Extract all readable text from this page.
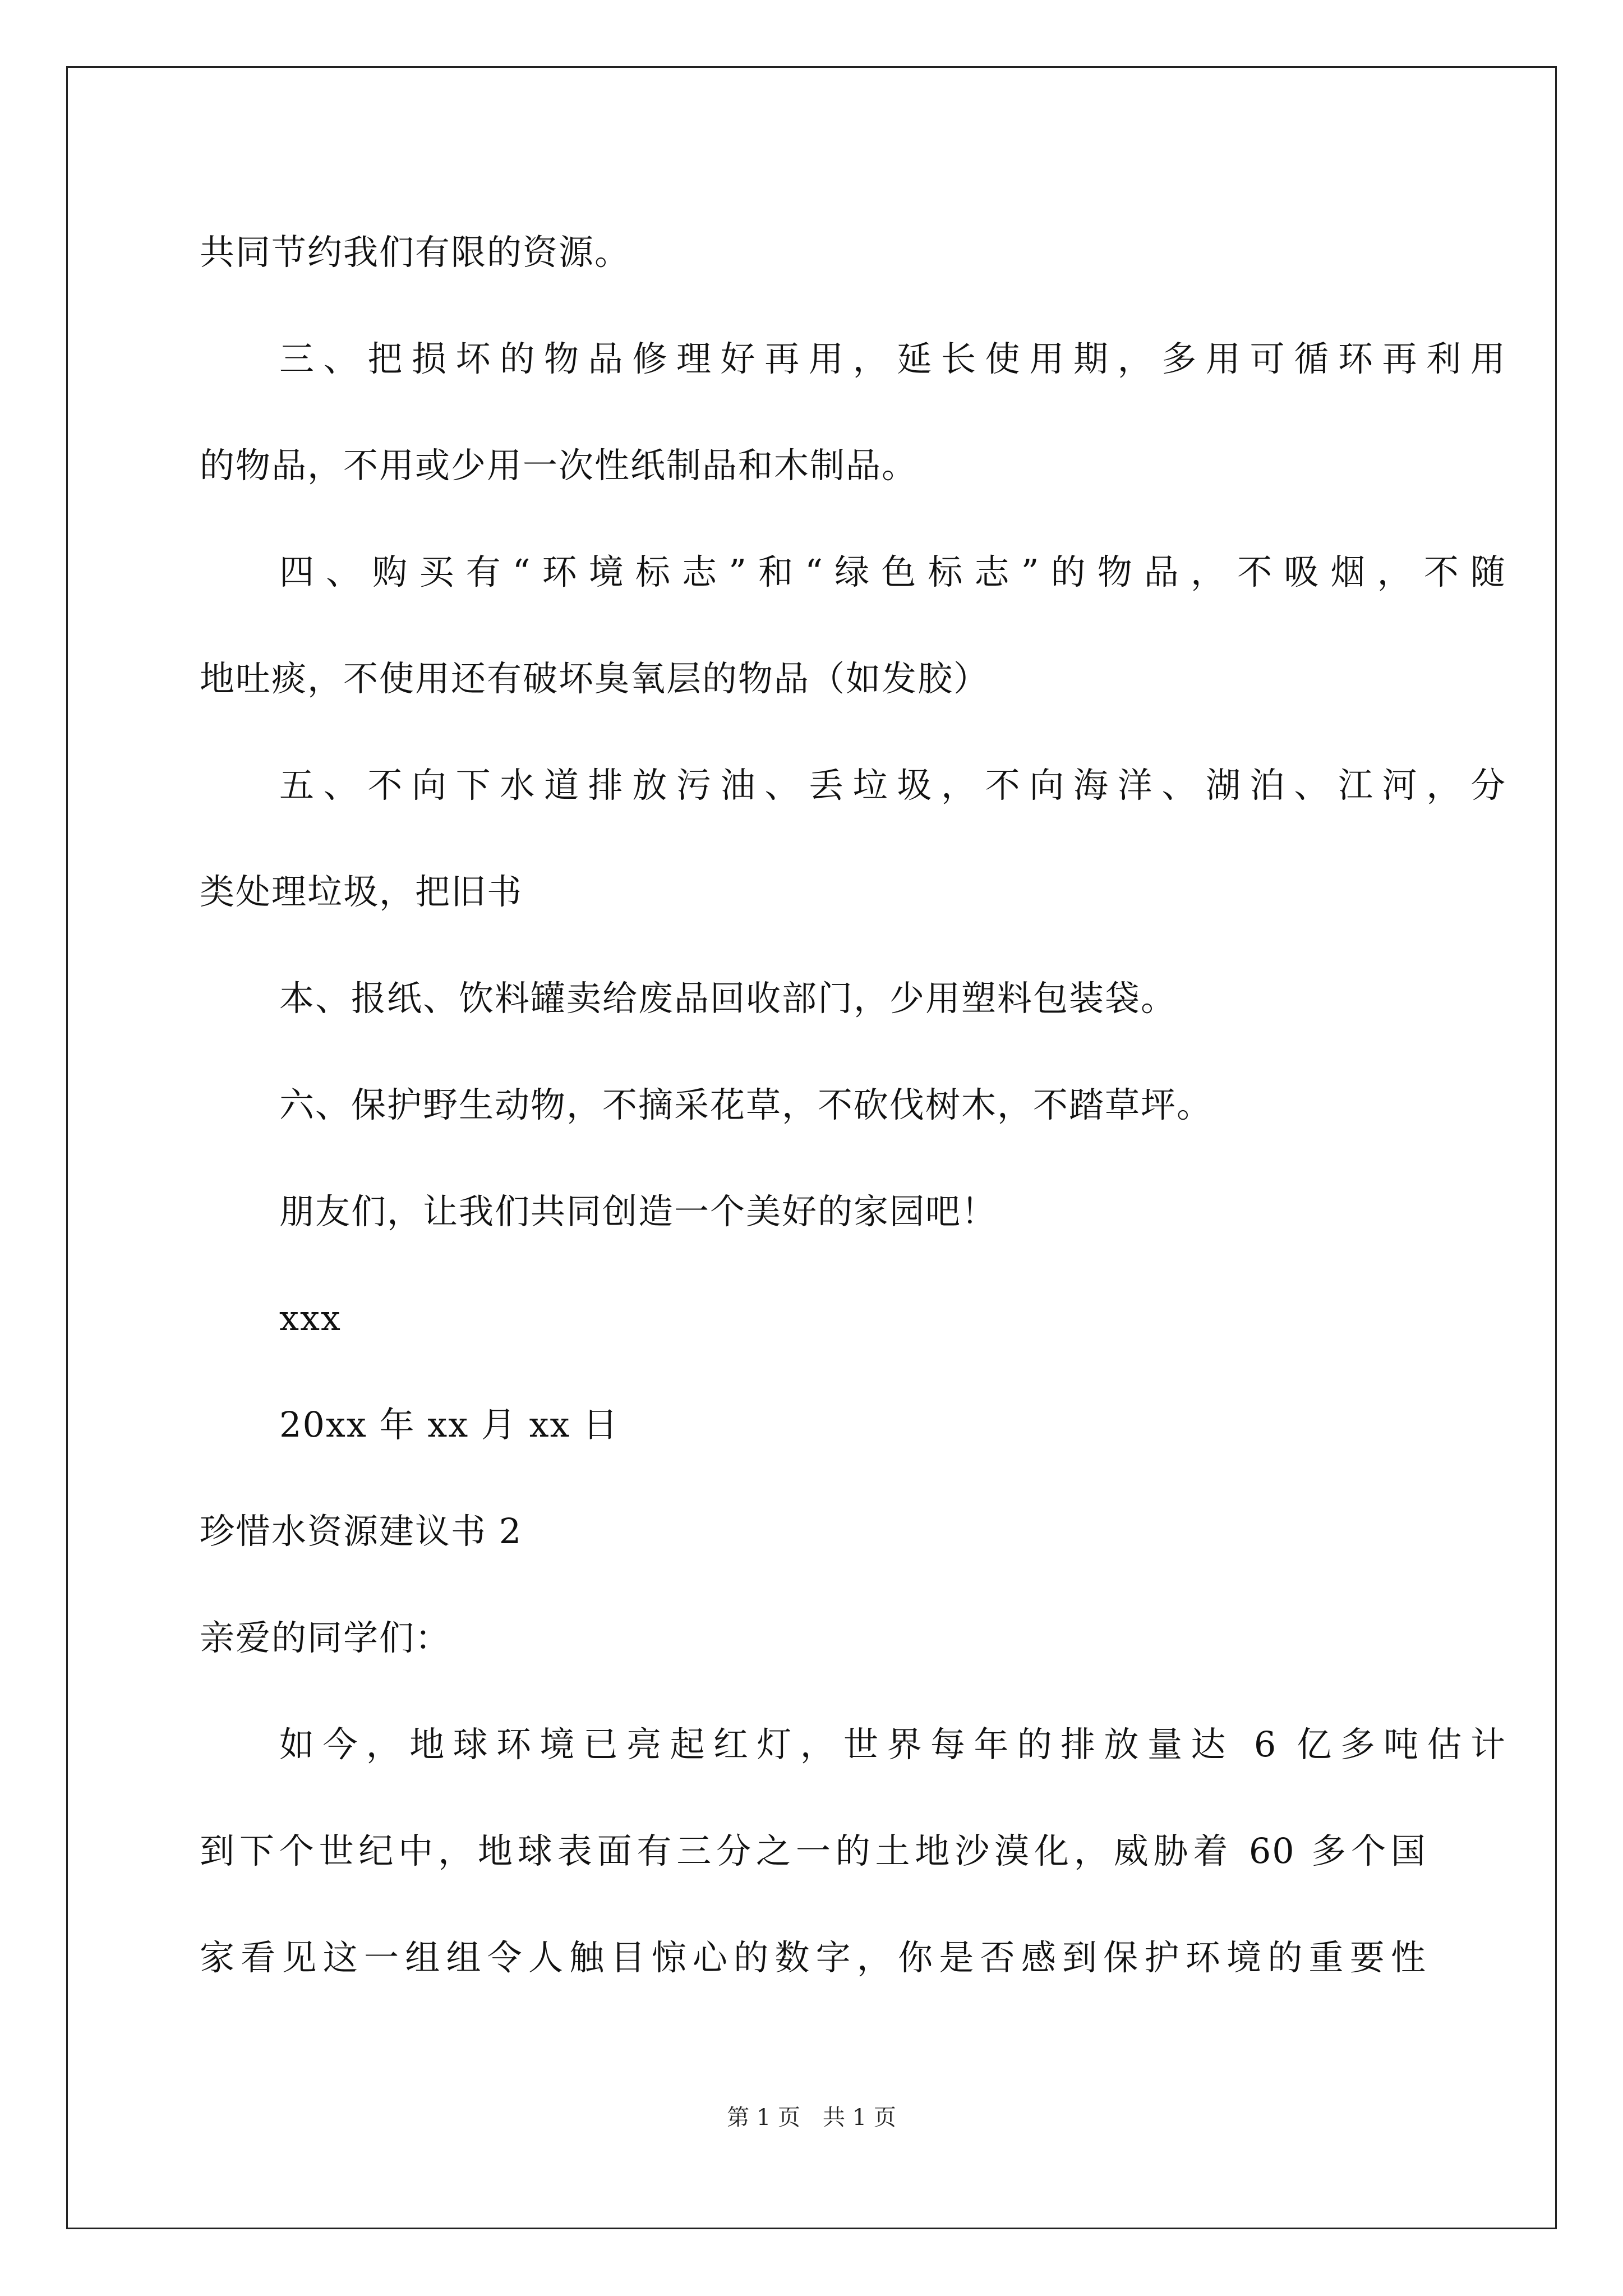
共同节约我们有限的资源。
三、把损坏的物品修理好再用，延长使用期，多用可循环再利用
的物品，不用或少用一次性纸制品和木制品。
四、购买有“环境标志”和“绿色标志”的物品，不吸烟，不随
地吐痰，不使用还有破坏臭氧层的物品（如发胶）
五、不向下水道排放污油、丢垃圾，不向海洋、湖泊、江河，分
类处理垃圾，把旧书
本、报纸、饮料罐卖给废品回收部门，少用塑料包装袋。
六、保护野生动物，不摘采花草，不砍伐树木，不踏草坪。
朋友们，让我们共同创造一个美好的家园吧！
xxx
20xx 年 xx 月 xx 日
珍惜水资源建议书 2
亲爱的同学们：
如今，地球环境已亮起红灯，世界每年的排放量达 6 亿多吨估计
到下个世纪中，地球表面有三分之一的土地沙漠化，威胁着 60 多个国
家看见这一组组令人触目惊心的数字，你是否感到保护环境的重要性
第 1 页　共 1 页
